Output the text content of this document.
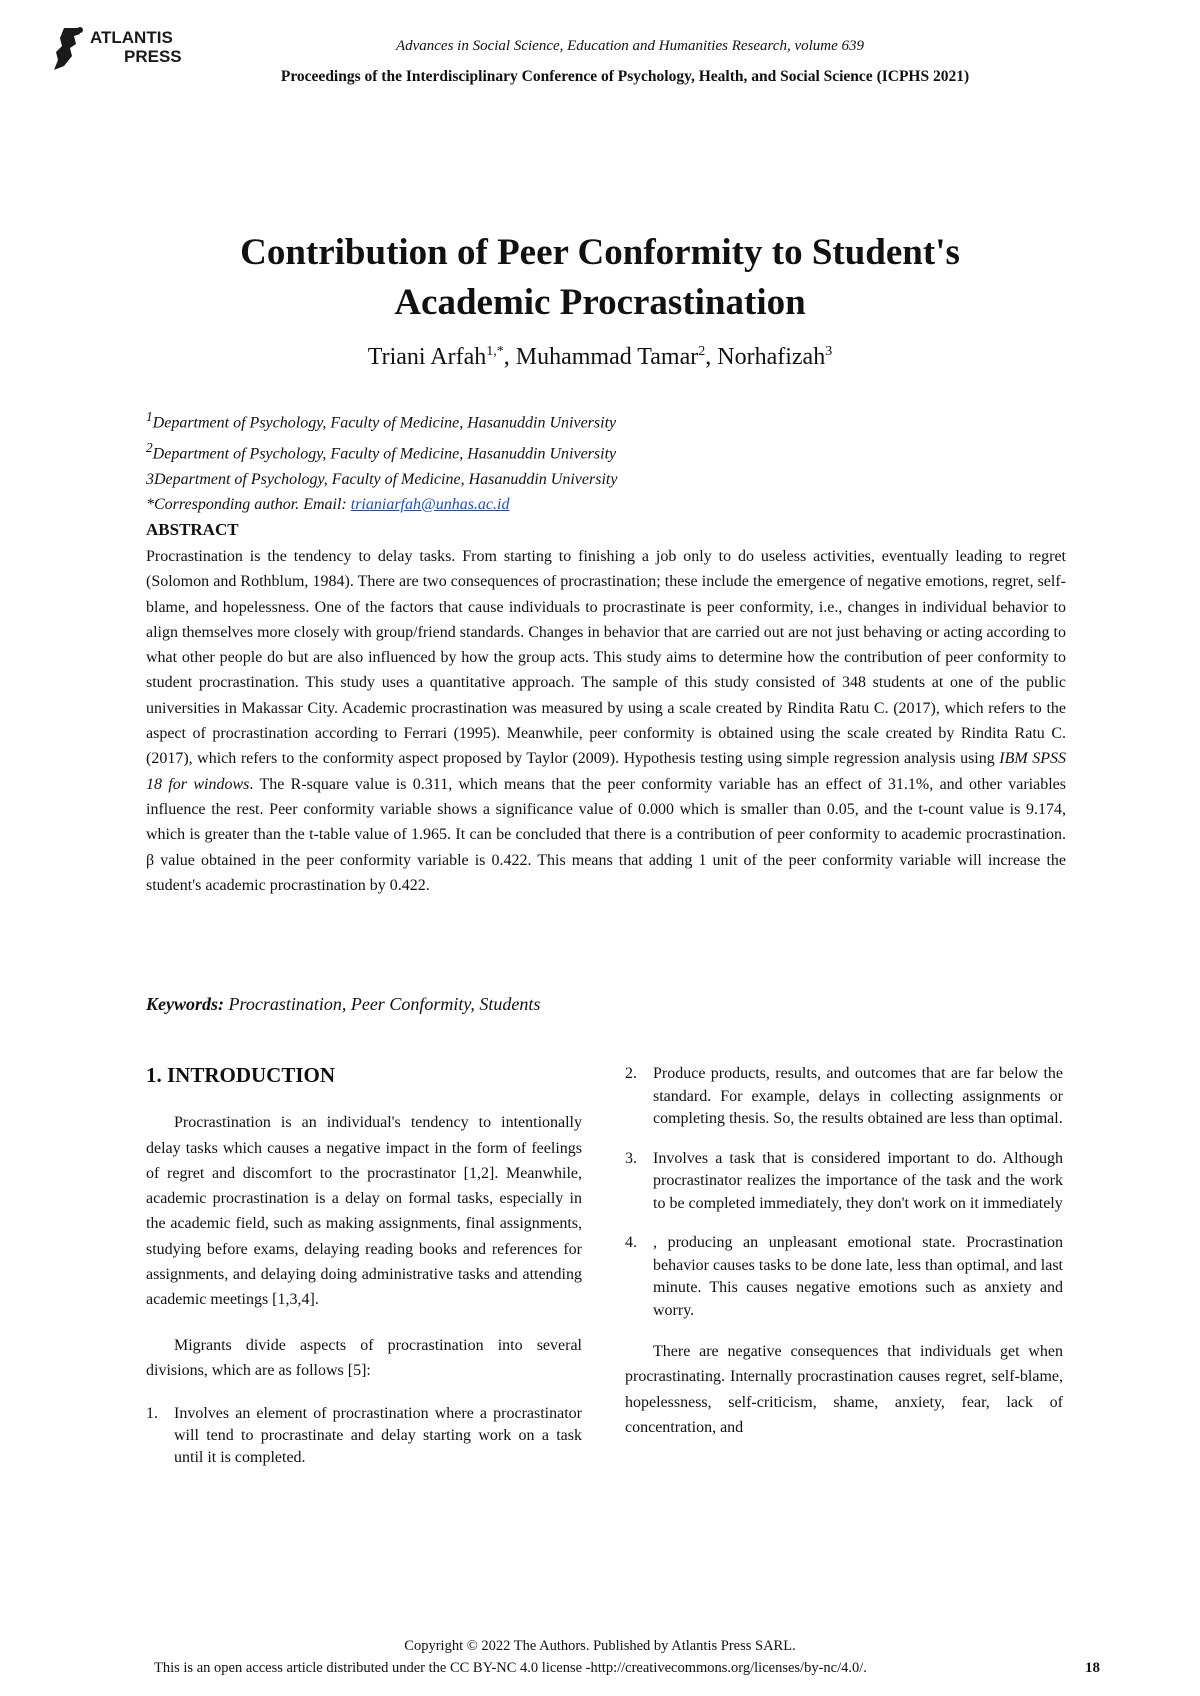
ATLANTIS
PRESS
Advances in Social Science, Education and Humanities Research, volume 639
Proceedings of the Interdisciplinary Conference of Psychology, Health, and Social Science (ICPHS 2021)
Contribution of Peer Conformity to Student's
Academic Procrastination
Triani Arfah$^{1,*}$, Muhammad Tamar$^2$, Norhafizah$^3$
$^1$Department of Psychology, Faculty of Medicine, Hasanuddin University
$^2$Department of Psychology, Faculty of Medicine, Hasanuddin University
3Department of Psychology, Faculty of Medicine, Hasanuddin University
*Corresponding author. Email: trianiarfah@unhas.ac.id
ABSTRACT
Procrastination is the tendency to delay tasks. From starting to finishing a job only to do useless activities, eventually leading to regret (Solomon and Rothblum, 1984). There are two consequences of procrastination; these include the emergence of negative emotions, regret, self-blame, and hopelessness. One of the factors that cause individuals to procrastinate is peer conformity, i.e., changes in individual behavior to align themselves more closely with group/friend standards. Changes in behavior that are carried out are not just behaving or acting according to what other people do but are also influenced by how the group acts. This study aims to determine how the contribution of peer conformity to student procrastination. This study uses a quantitative approach. The sample of this study consisted of 348 students at one of the public universities in Makassar City. Academic procrastination was measured by using a scale created by Rindita Ratu C. (2017), which refers to the aspect of procrastination according to Ferrari (1995). Meanwhile, peer conformity is obtained using the scale created by Rindita Ratu C. (2017), which refers to the conformity aspect proposed by Taylor (2009). Hypothesis testing using simple regression analysis using IBM SPSS 18 for windows. The R-square value is 0.311, which means that the peer conformity variable has an effect of 31.1%, and other variables influence the rest. Peer conformity variable shows a significance value of 0.000 which is smaller than 0.05, and the t-count value is 9.174, which is greater than the t-table value of 1.965. It can be concluded that there is a contribution of peer conformity to academic procrastination. β value obtained in the peer conformity variable is 0.422. This means that adding 1 unit of the peer conformity variable will increase the student's academic procrastination by 0.422.
Keywords: Procrastination, Peer Conformity, Students
1. INTRODUCTION

Procrastination is an individual's tendency to intentionally delay tasks which causes a negative impact in the form of feelings of regret and discomfort to the procrastinator [1,2]. Meanwhile, academic procrastination is a delay on formal tasks, especially in the academic field, such as making assignments, final assignments, studying before exams, delaying reading books and references for assignments, and delaying doing administrative tasks and attending academic meetings [1,3,4].

Migrants divide aspects of procrastination into several divisions, which are as follows [5]:

1. Involves an element of procrastination where a procrastinator will tend to procrastinate and delay starting work on a task until it is completed.
2. Produce products, results, and outcomes that are far below the standard. For example, delays in collecting assignments or completing thesis. So, the results obtained are less than optimal.
3. Involves a task that is considered important to do. Although procrastinator realizes the importance of the task and the work to be completed immediately, they don't work on it immediately
4. , producing an unpleasant emotional state. Procrastination behavior causes tasks to be done late, less than optimal, and last minute. This causes negative emotions such as anxiety and worry.

There are negative consequences that individuals get when procrastinating. Internally procrastination causes regret, self-blame, hopelessness, self-criticism, shame, anxiety, fear, lack of concentration, and

Copyright © 2022 The Authors. Published by Atlantis Press SARL.
This is an open access article distributed under the CC BY-NC 4.0 license -http://creativecommons.org/licenses/by-nc/4.0/.	18
